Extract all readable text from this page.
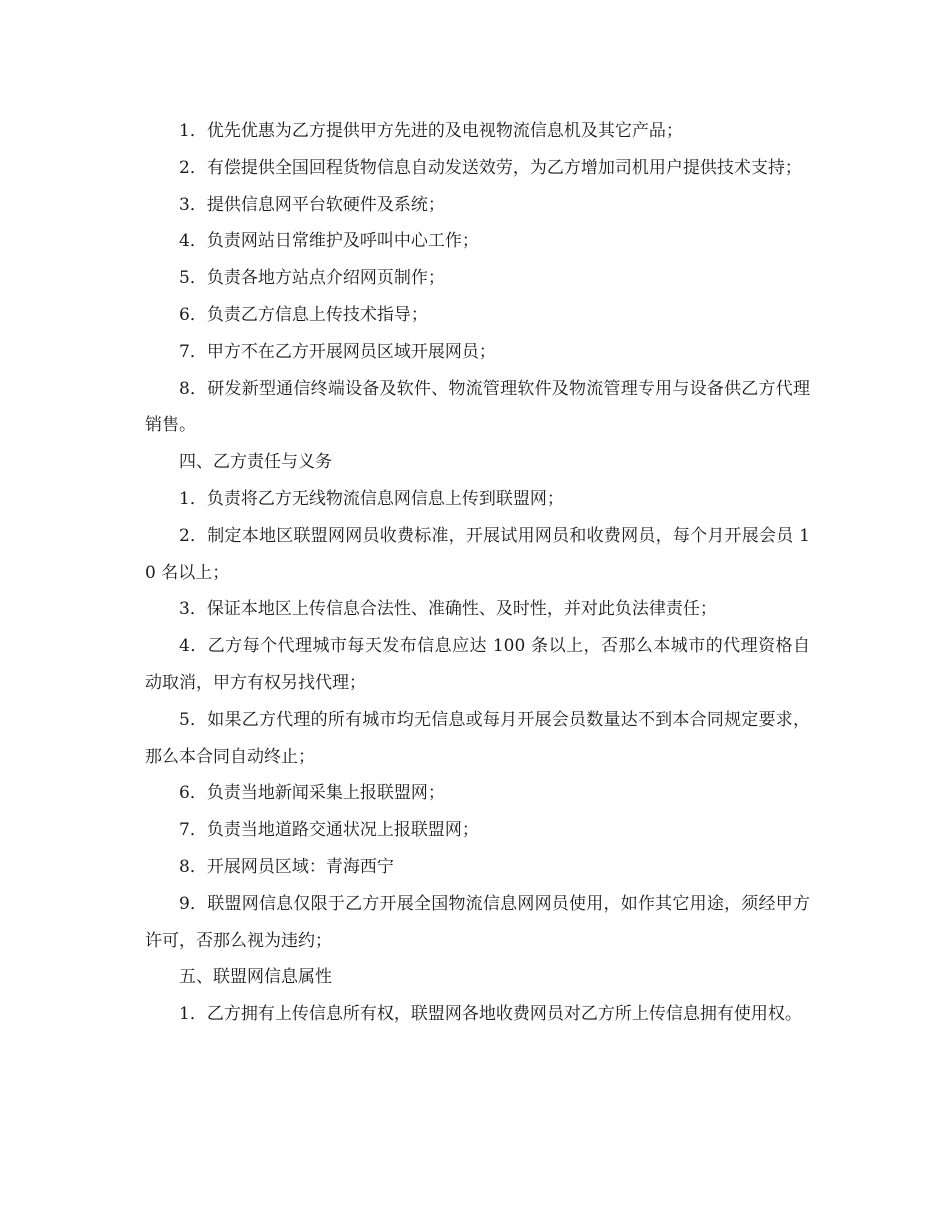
1．优先优惠为乙方提供甲方先进的及电视物流信息机及其它产品；

2．有偿提供全国回程货物信息自动发送效劳，为乙方增加司机用户提供技术支持；

3．提供信息网平台软硬件及系统；

4．负责网站日常维护及呼叫中心工作；

5．负责各地方站点介绍网页制作；

6．负责乙方信息上传技术指导；

7．甲方不在乙方开展网员区域开展网员；

8．研发新型通信终端设备及软件、物流管理软件及物流管理专用与设备供乙方代理销售。

四、乙方责任与义务

1．负责将乙方无线物流信息网信息上传到联盟网；

2．制定本地区联盟网网员收费标准，开展试用网员和收费网员，每个月开展会员 10 名以上；

3．保证本地区上传信息合法性、准确性、及时性，并对此负法律责任；

4．乙方每个代理城市每天发布信息应达 100 条以上，否那么本城市的代理资格自动取消，甲方有权另找代理；

5．如果乙方代理的所有城市均无信息或每月开展会员数量达不到本合同规定要求，那么本合同自动终止；

6．负责当地新闻采集上报联盟网；

7．负责当地道路交通状况上报联盟网；

8．开展网员区域：青海西宁

9．联盟网信息仅限于乙方开展全国物流信息网网员使用，如作其它用途，须经甲方许可，否那么视为违约；

五、联盟网信息属性

1．乙方拥有上传信息所有权，联盟网各地收费网员对乙方所上传信息拥有使用权。
